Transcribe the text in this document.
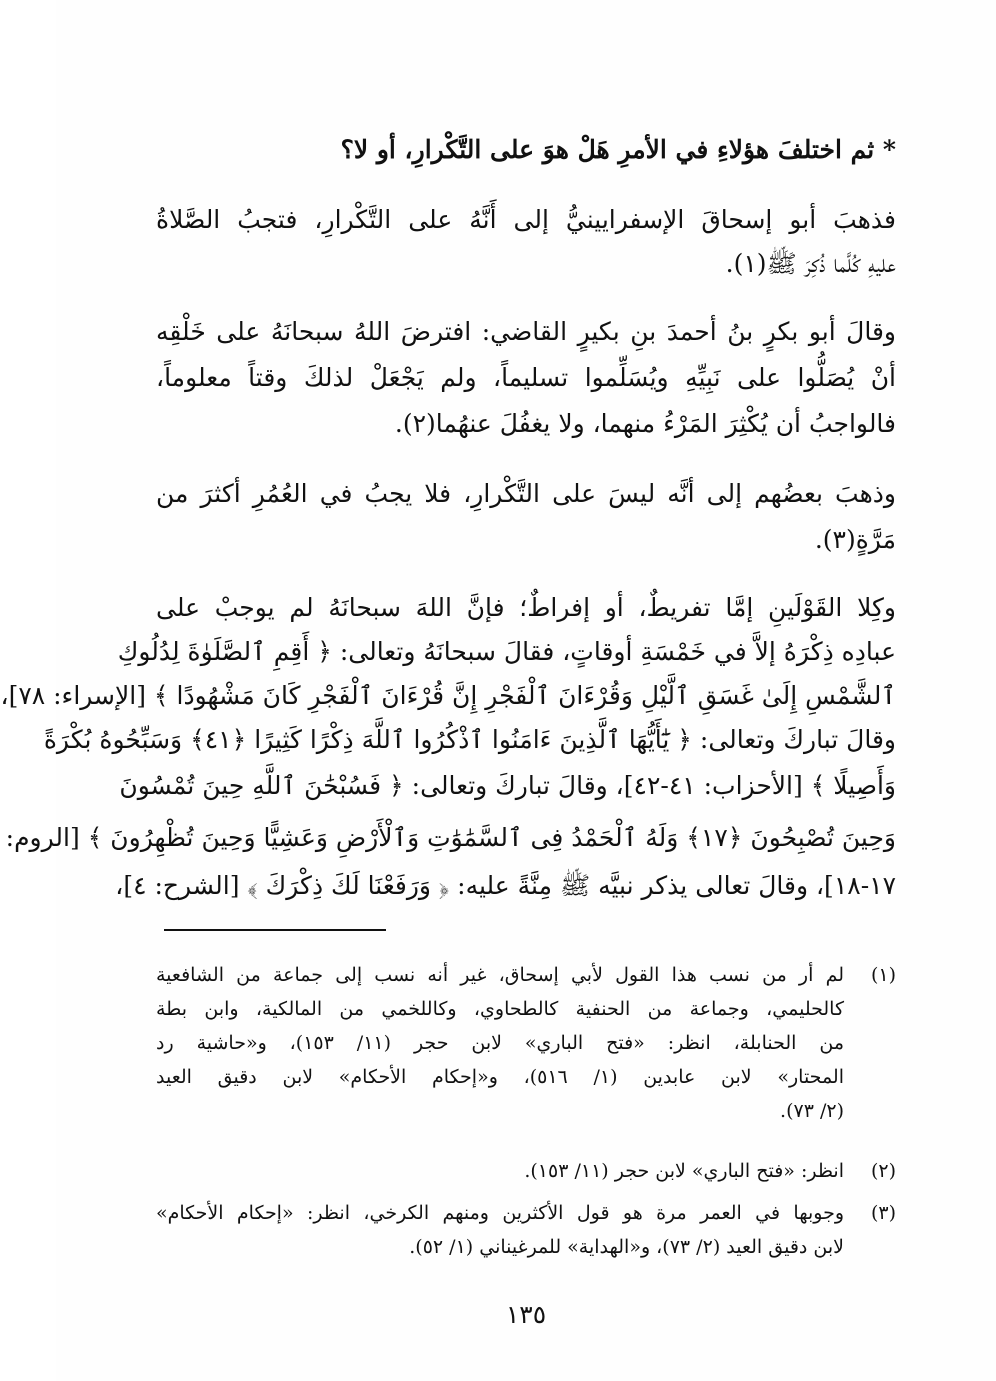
* ثم اختلفَ هؤلاءِ في الأمرِ هَلْ هوَ على التَّكْرارِ، أو لا؟
فذهبَ أبو إسحاقَ الإسفرايينيُّ إلى أَنَّهُ على التَّكْرارِ، فتجبُ الصَّلاةُ
عليهِ كُلَّما ذُكِرَ ﷺ(١).
وقالَ أبو بكرٍ بنُ أحمدَ بنِ بكيرٍ القاضي: افترضَ اللهُ سبحانَهُ على خَلْقِه
أنْ يُصَلُّوا على نَبِيِّهِ ويُسَلِّموا تسليماً، ولم يَجْعَلْ لذلكَ وقتاً معلوماً،
فالواجبُ أن يُكْثِرَ المَرْءُ منهما، ولا يغفُلَ عنهُما(٢).
وذهبَ بعضُهم إلى أنَّه ليسَ على التَّكْرارِ، فلا يجبُ في العُمُرِ أكثرَ من
مَرَّةٍ(٣).
وكِلا القَوْلَينِ إمَّا تفريطٌ، أو إفراطٌ؛ فإنَّ اللهَ سبحانَهُ لم يوجبْ على
عبادِه ذِكْرَهُ إلاَّ في خَمْسَةِ أوقاتٍ، فقالَ سبحانَهُ وتعالى: ﴿ أَقِمِ ٱلصَّلَوٰةَ لِدُلُوكِ
ٱلشَّمْسِ إِلَىٰ غَسَقِ ٱلَّيْلِ وَقُرْءَانَ ٱلْفَجْرِ إِنَّ قُرْءَانَ ٱلْفَجْرِ كَانَ مَشْهُودًا ﴾ [الإسراء: ٧٨]،
وقالَ تباركَ وتعالى: ﴿ يَٰٓأَيُّهَا ٱلَّذِينَ ءَامَنُوا ٱذْكُرُوا ٱللَّهَ ذِكْرًا كَثِيرًا ﴿٤١﴾ وَسَبِّحُوهُ بُكْرَةً
وَأَصِيلًا ﴾ [الأحزاب: ٤١-٤٢]، وقالَ تباركَ وتعالى: ﴿ فَسُبْحَٰنَ ٱللَّهِ حِينَ تُمْسُونَ
وَحِينَ تُصْبِحُونَ ﴿١٧﴾ وَلَهُ ٱلْحَمْدُ فِى ٱلسَّمَٰوَٰتِ وَٱلْأَرْضِ وَعَشِيًّا وَحِينَ تُظْهِرُونَ ﴾ [الروم:
١٧-١٨]، وقالَ تعالى يذكر نبيَّه ﷺ مِنَّةً عليه: ﴿ وَرَفَعْنَا لَكَ ذِكْرَكَ ﴾ [الشرح: ٤]،
(١)
لم أر من نسب هذا القول لأبي إسحاق، غير أنه نسب إلى جماعة من الشافعية
كالحليمي، وجماعة من الحنفية كالطحاوي، وكاللخمي من المالكية، وابن بطة
من الحنابلة، انظر: «فتح الباري» لابن حجر (١١/ ١٥٣)، و«حاشية رد
المحتار» لابن عابدين (١/ ٥١٦)، و«إحكام الأحكام» لابن دقيق العيد
(٢/ ٧٣).
(٢)
انظر: «فتح الباري» لابن حجر (١١/ ١٥٣).
(٣)
وجوبها في العمر مرة هو قول الأكثرين ومنهم الكرخي، انظر: «إحكام الأحكام»
لابن دقيق العيد (٢/ ٧٣)، و«الهداية» للمرغيناني (١/ ٥٢).
١٣٥
